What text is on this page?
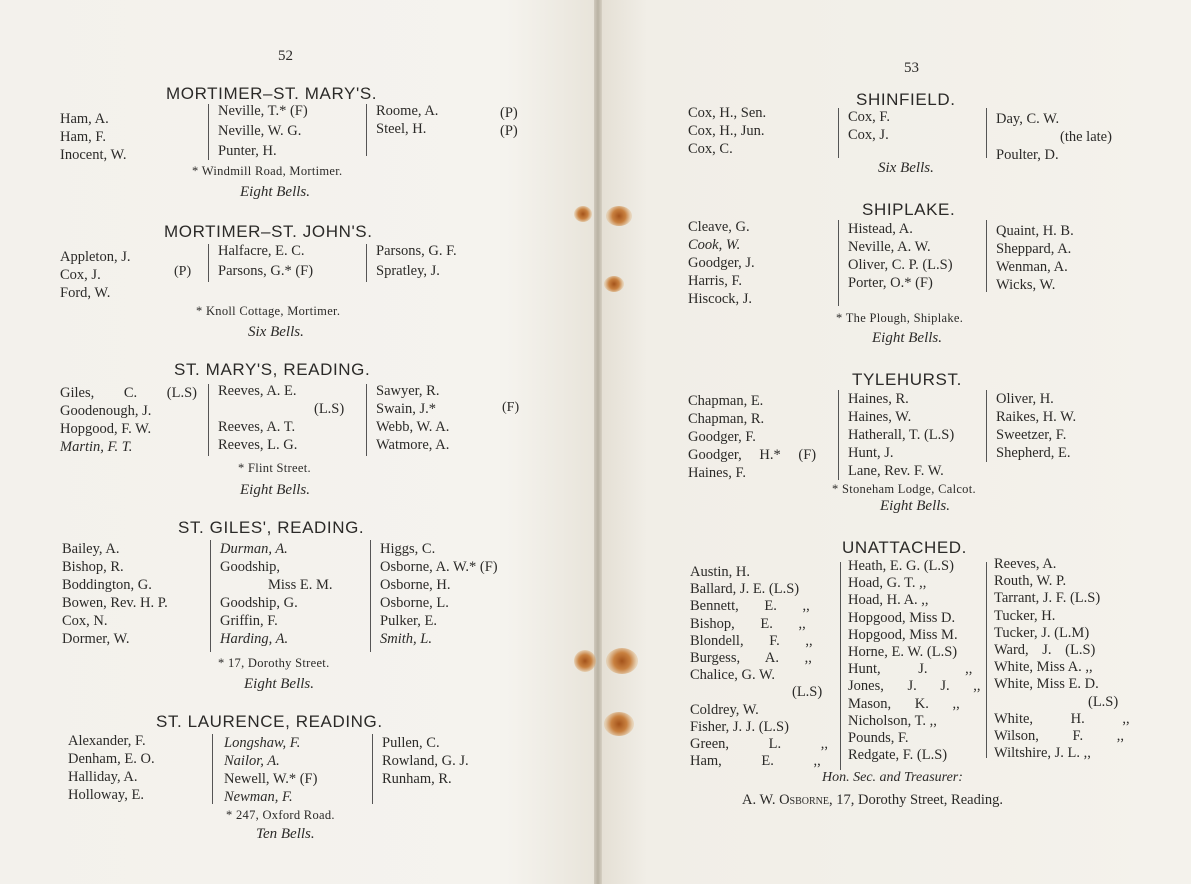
52
MORTIMER–ST. MARY'S.
Ham, A.
Ham, F.
Inocent, W.
Neville, T.* (F)
Neville, W. G.
Punter, H.
Roome, A.
Steel, H.
(P)
(P)
* Windmill Road, Mortimer.
Eight Bells.
MORTIMER–ST. JOHN'S.
Appleton, J.
Cox, J.
Ford, W.
(P)
Halfacre, E. C.
Parsons, G.* (F)
Parsons, G. F.
Spratley, J.
* Knoll Cottage, Mortimer.
Six Bells.
ST. MARY'S, READING.
Giles, C. (L.S)
Goodenough, J.
Hopgood, F. W.
Martin, F. T.
Reeves, A. E.
(L.S)
Reeves, A. T.
Reeves, L. G.
Sawyer, R.
Swain, J.*
Webb, W. A.
Watmore, A.
(F)
* Flint Street.
Eight Bells.
ST. GILES', READING.
Bailey, A.
Bishop, R.
Boddington, G.
Bowen, Rev. H. P.
Cox, N.
Dormer, W.
Durman, A.
Goodship,
Miss E. M.
Goodship, G.
Griffin, F.
Harding, A.
Higgs, C.
Osborne, A. W.* (F)
Osborne, H.
Osborne, L.
Pulker, E.
Smith, L.
* 17, Dorothy Street.
Eight Bells.
ST. LAURENCE, READING.
Alexander, F.
Denham, E. O.
Halliday, A.
Holloway, E.
Longshaw, F.
Nailor, A.
Newell, W.* (F)
Newman, F.
Pullen, C.
Rowland, G. J.
Runham, R.
* 247, Oxford Road.
Ten Bells.
53
SHINFIELD.
Cox, H., Sen.
Cox, H., Jun.
Cox, C.
Cox, F.
Cox, J.
Day, C. W.
(the late)
Poulter, D.
Six Bells.
SHIPLAKE.
Cleave, G.
Cook, W.
Goodger, J.
Harris, F.
Hiscock, J.
Histead, A.
Neville, A. W.
Oliver, C. P. (L.S)
Porter, O.* (F)
Quaint, H. B.
Sheppard, A.
Wenman, A.
Wicks, W.
* The Plough, Shiplake.
Eight Bells.
TYLEHURST.
Chapman, E.
Chapman, R.
Goodger, F.
Goodger, H.* (F)
Haines, F.
Haines, R.
Haines, W.
Hatherall, T. (L.S)
Hunt, J.
Lane, Rev. F. W.
Oliver, H.
Raikes, H. W.
Sweetzer, F.
Shepherd, E.
* Stoneham Lodge, Calcot.
Eight Bells.
UNATTACHED.
Austin, H.
Ballard, J. E. (L.S)
Bennett, E. ,,
Bishop, E. ,,
Blondell, F. ,,
Burgess, A. ,,
Chalice, G. W.
(L.S)
Coldrey, W.
Fisher, J. J. (L.S)
Green, L. ,,
Ham, E. ,,
Heath, E. G. (L.S)
Hoad, G. T. ,,
Hoad, H. A. ,,
Hopgood, Miss D.
Hopgood, Miss M.
Horne, E. W. (L.S)
Hunt, J. ,,
Jones, J. J. ,,
Mason, K. ,,
Nicholson, T. ,,
Pounds, F.
Redgate, F. (L.S)
Reeves, A.
Routh, W. P.
Tarrant, J. F. (L.S)
Tucker, H.
Tucker, J. (L.M)
Ward, J. (L.S)
White, Miss A. ,,
White, Miss E. D.
(L.S)
White, H. ,,
Wilson, F. ,,
Wiltshire, J. L. ,,
Hon. Sec. and Treasurer:
A. W. Osborne, 17, Dorothy Street, Reading.
